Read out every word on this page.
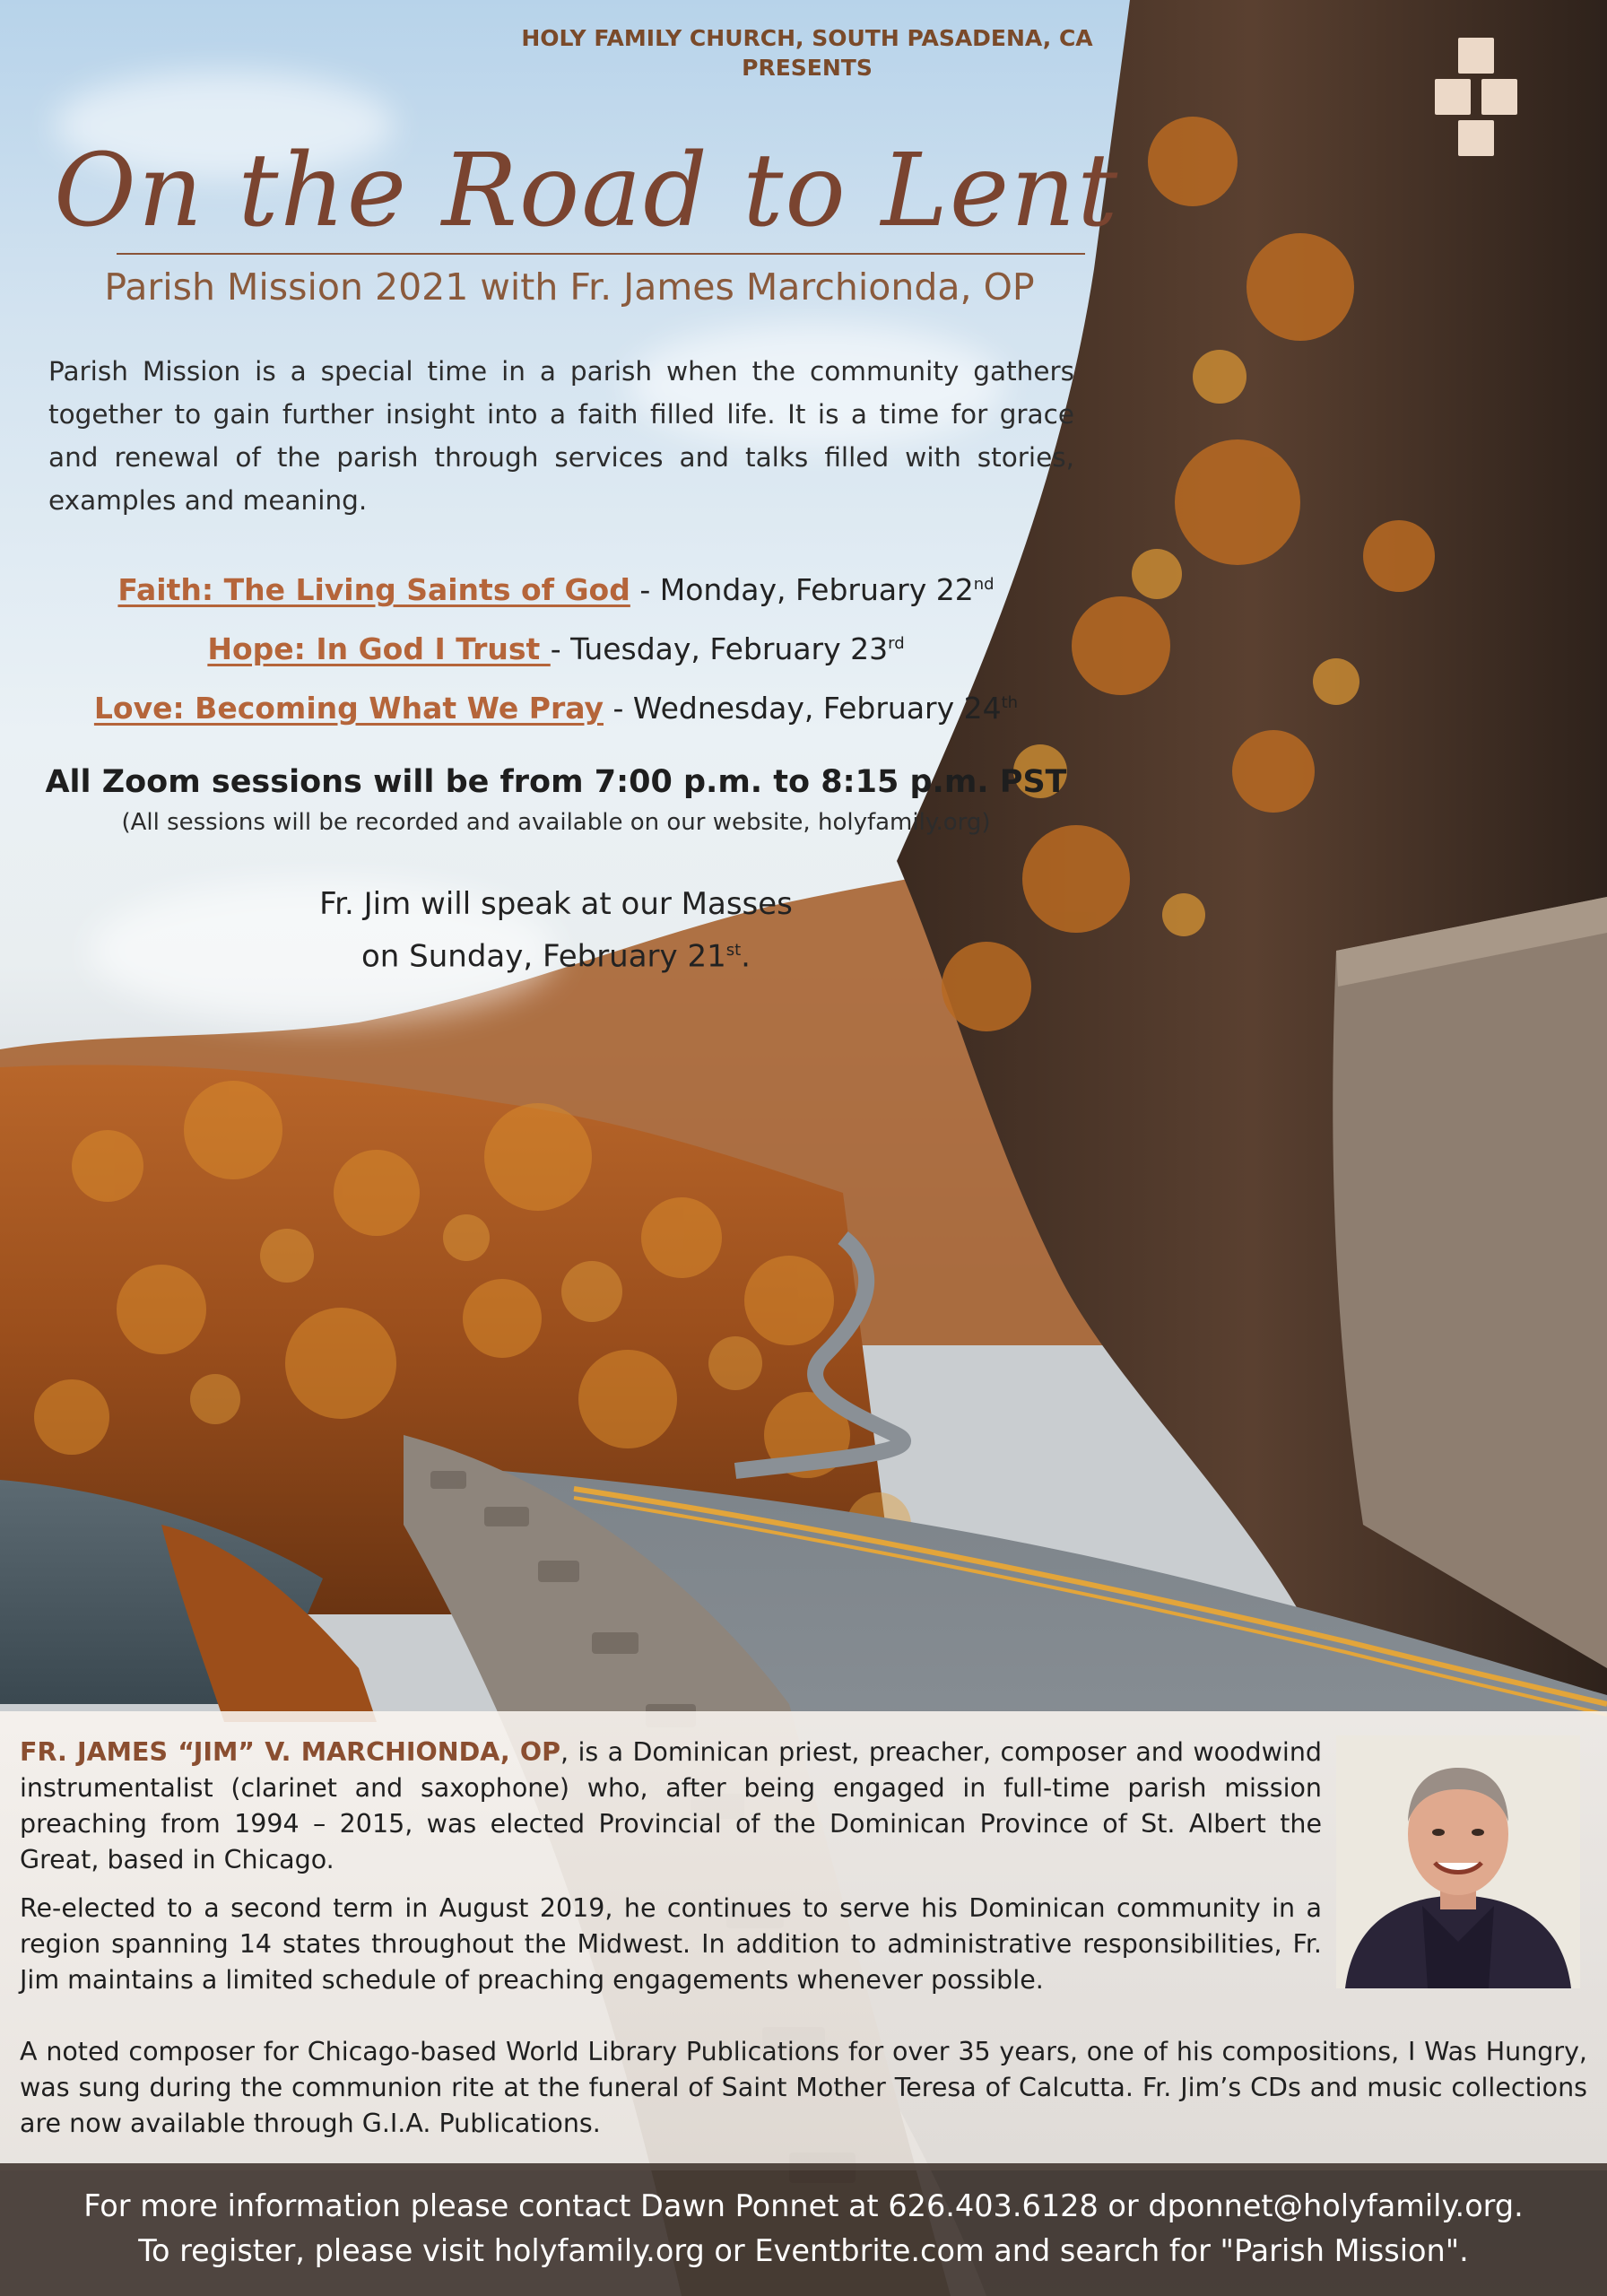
HOLY FAMILY CHURCH, SOUTH PASADENA, CA
PRESENTS
On the Road to Lent
Parish Mission 2021 with Fr. James Marchionda, OP
Parish Mission is a special time in a parish when the community gathers together to gain further insight into a faith filled life. It is a time for grace and renewal of the parish through services and talks filled with stories, examples and meaning.
Faith: The Living Saints of God - Monday, February 22nd
Hope: In God I Trust - Tuesday, February 23rd
Love: Becoming What We Pray - Wednesday, February 24th
All Zoom sessions will be from 7:00 p.m. to 8:15 p.m. PST
(All sessions will be recorded and available on our website, holyfamily.org)
Fr. Jim will speak at our Masses
on Sunday, February 21st.
FR. JAMES “JIM” V. MARCHIONDA, OP, is a Dominican priest, preacher, composer and woodwind instrumentalist (clarinet and saxophone) who, after being engaged in full-time parish mission preaching from 1994 – 2015, was elected Provincial of the Dominican Province of St. Albert the Great, based in Chicago.
Re-elected to a second term in August 2019, he continues to serve his Dominican community in a region spanning 14 states throughout the Midwest. In addition to administrative responsibilities, Fr. Jim maintains a limited schedule of preaching engagements whenever possible.
A noted composer for Chicago-based World Library Publications for over 35 years, one of his compositions, I Was Hungry, was sung during the communion rite at the funeral of Saint Mother Teresa of Calcutta. Fr. Jim’s CDs and music collections are now available through G.I.A. Publications.
For more information please contact Dawn Ponnet at 626.403.6128 or dponnet@holyfamily.org.
To register, please visit holyfamily.org or Eventbrite.com and search for "Parish Mission".
